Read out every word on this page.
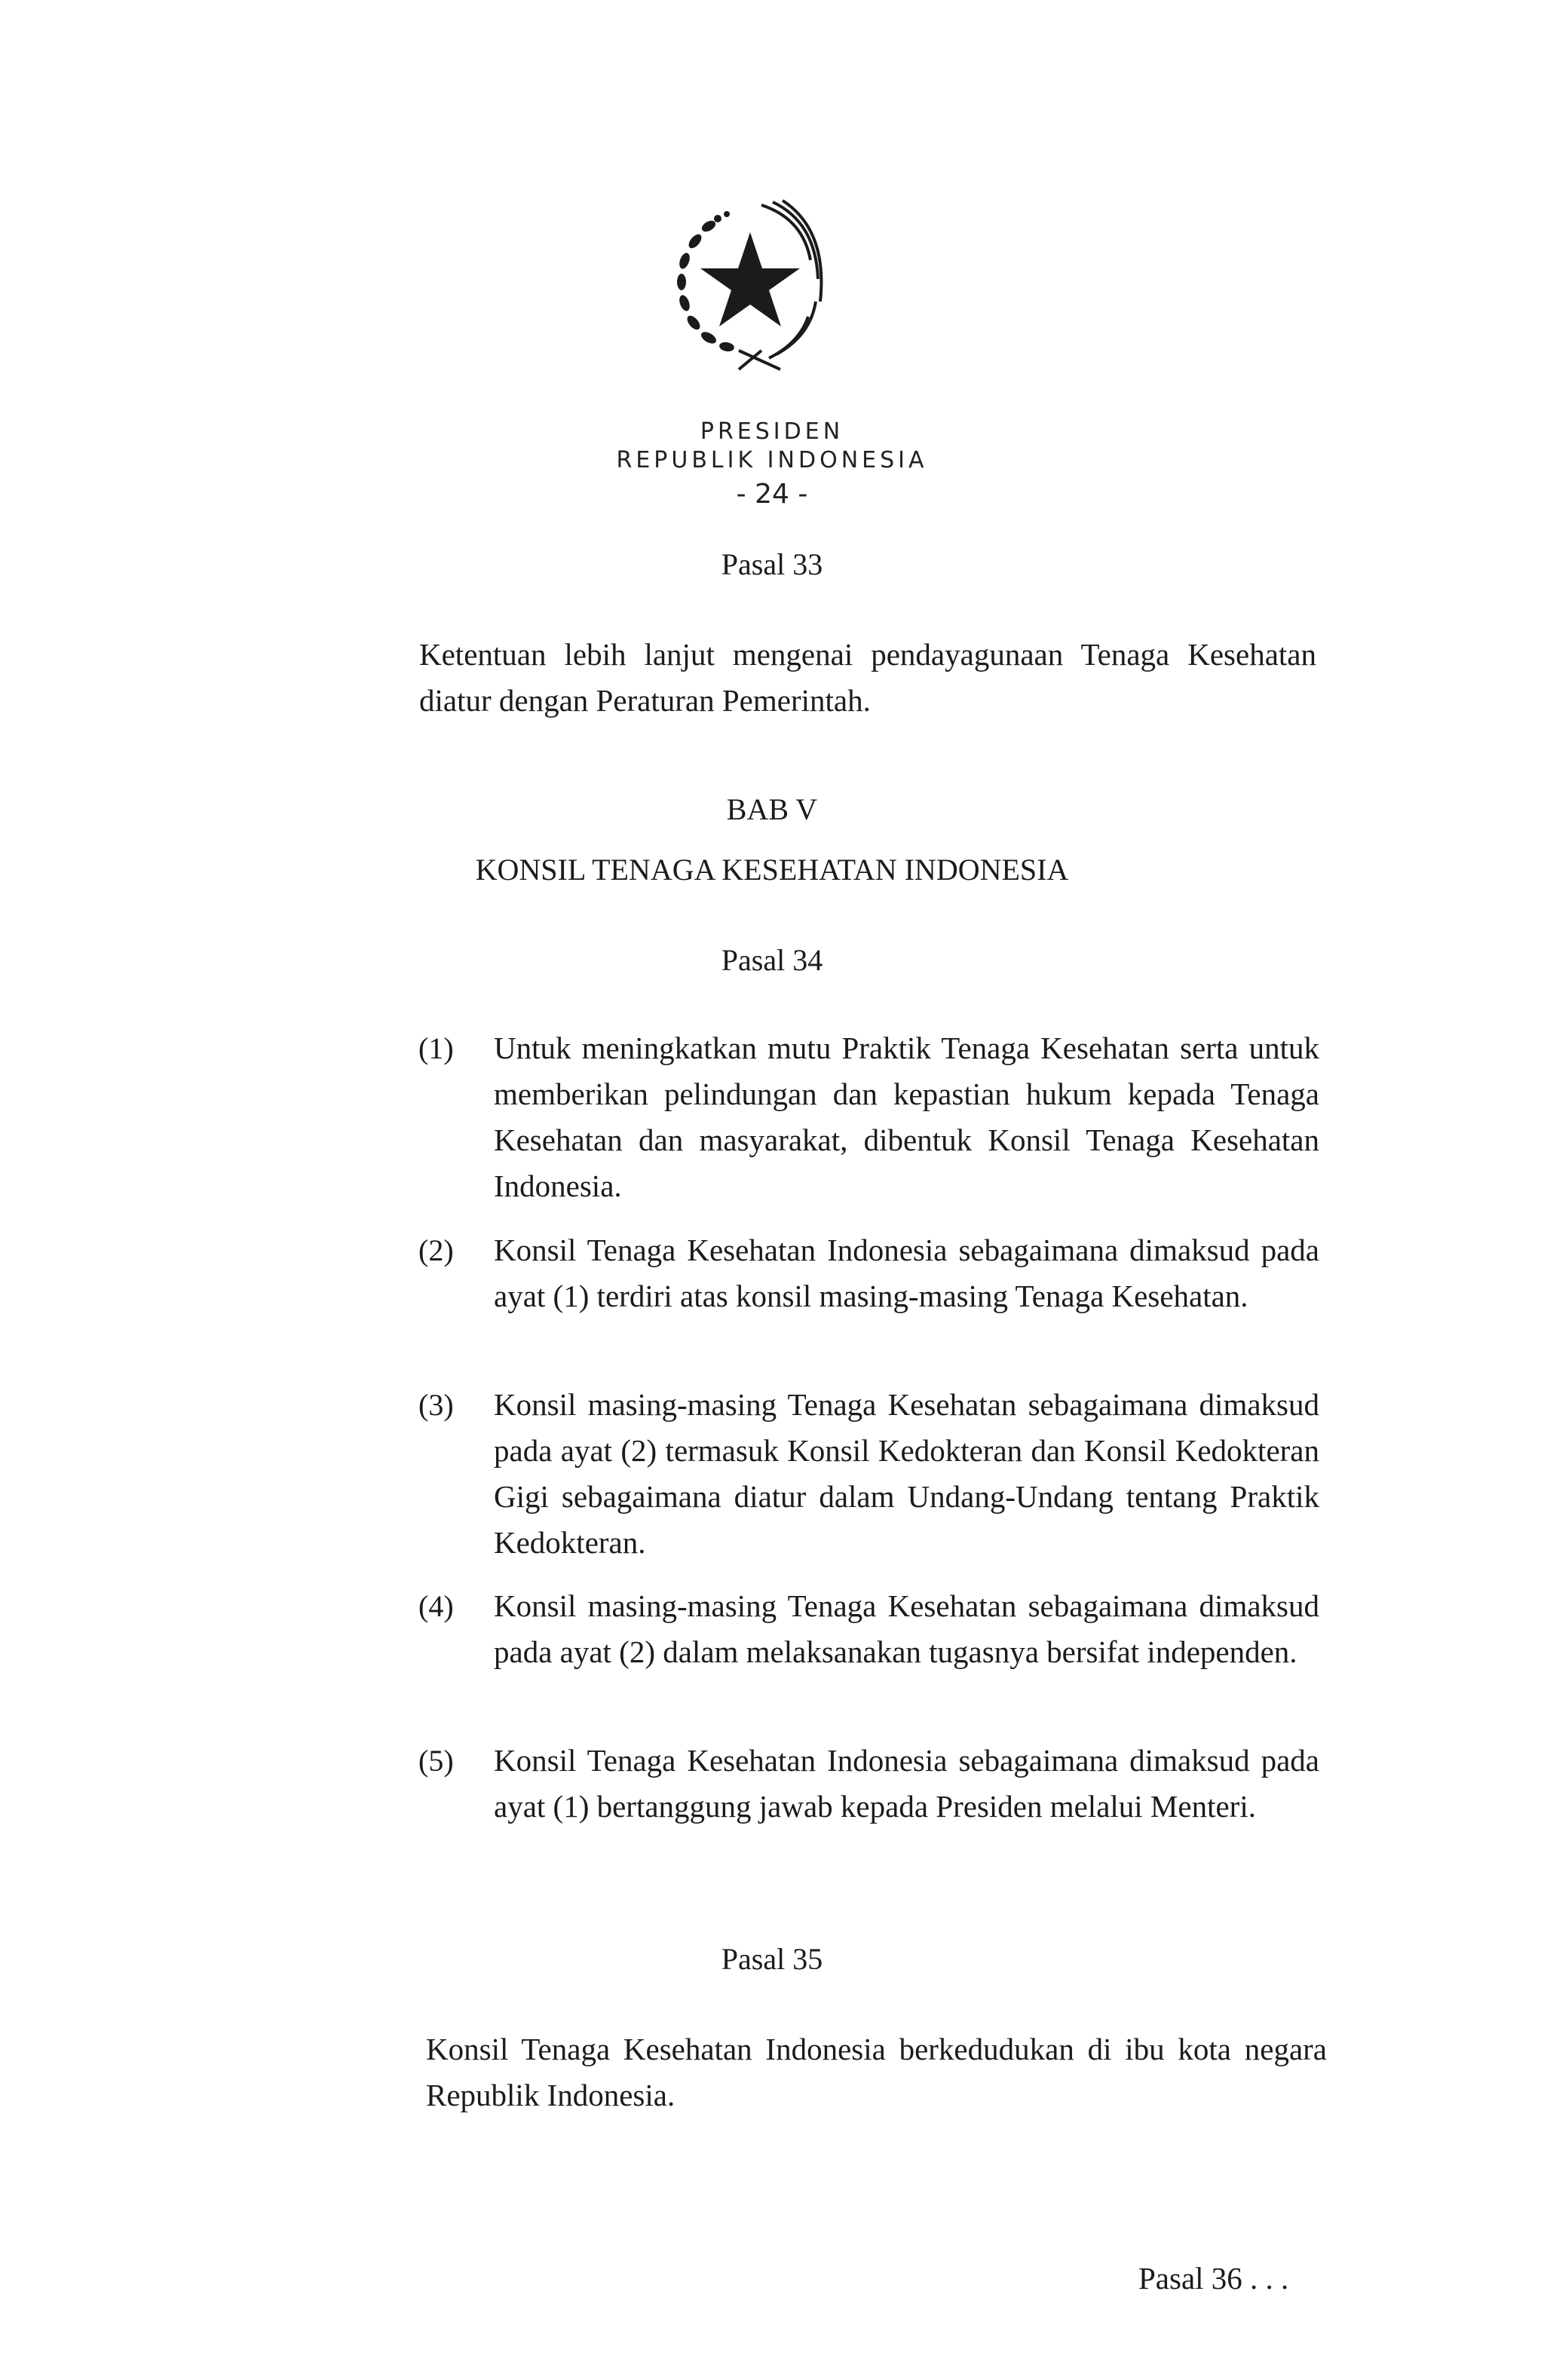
PRESIDEN
REPUBLIK INDONESIA
- 24 -
Pasal 33
Ketentuan lebih lanjut mengenai pendayagunaan Tenaga Kesehatan diatur dengan Peraturan Pemerintah.
BAB V
KONSIL TENAGA KESEHATAN INDONESIA
Pasal 34
(1) Untuk meningkatkan mutu Praktik Tenaga Kesehatan serta untuk memberikan pelindungan dan kepastian hukum kepada Tenaga Kesehatan dan masyarakat, dibentuk Konsil Tenaga Kesehatan Indonesia.
(2) Konsil Tenaga Kesehatan Indonesia sebagaimana dimaksud pada ayat (1) terdiri atas konsil masing-masing Tenaga Kesehatan.
(3) Konsil masing-masing Tenaga Kesehatan sebagaimana dimaksud pada ayat (2) termasuk Konsil Kedokteran dan Konsil Kedokteran Gigi sebagaimana diatur dalam Undang-Undang tentang Praktik Kedokteran.
(4) Konsil masing-masing Tenaga Kesehatan sebagaimana dimaksud pada ayat (2) dalam melaksanakan tugasnya bersifat independen.
(5) Konsil Tenaga Kesehatan Indonesia sebagaimana dimaksud pada ayat (1) bertanggung jawab kepada Presiden melalui Menteri.
Pasal 35
Konsil Tenaga Kesehatan Indonesia berkedudukan di ibu kota negara Republik Indonesia.
Pasal 36 . . .
